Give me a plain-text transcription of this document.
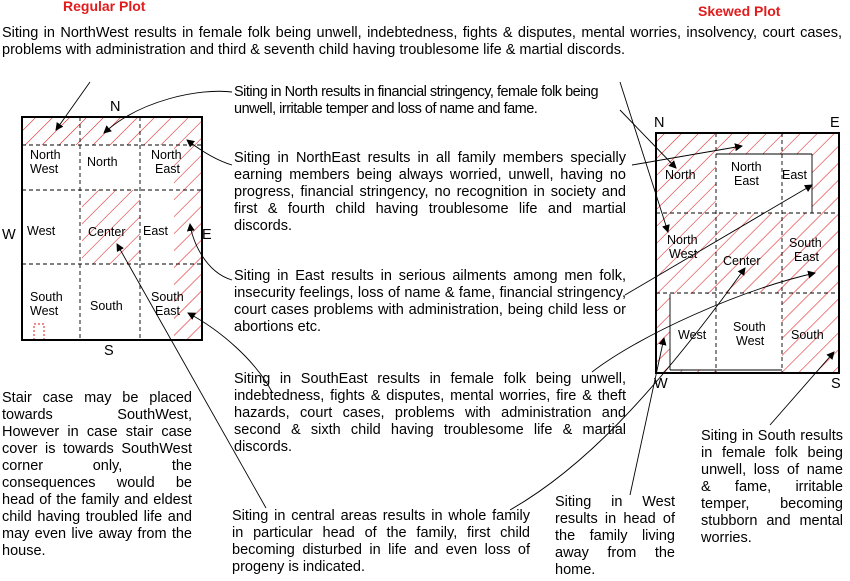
Regular Plot	Skewed Plot
N
S
W	E
North
West North	North
East
West	Center East
South
West	South
South
East
N	E
W	S
North
North
East East
North
West Center
South
East
West
South
West South

Siting in NorthWest results in female folk being unwell, indebtedness, fights & disputes, mental worries, insolvency, court cases, problems with administration and third & seventh child having troublesome life & martial discords.

Siting in North results in financial stringency, female folk being unwell, irritable temper and loss of name and fame.

Siting in NorthEast results in all family members specially earning members being always worried, unwell, having no progress, financial stringency, no recognition in society and first & fourth child having troublesome life and martial discords.

Siting in East results in serious ailments among men folk, insecurity feelings, loss of name & fame, financial stringency, court cases problems with administration, being child less or abortions etc.

Siting in SouthEast results in female folk being unwell, indebtedness, fights & disputes, mental worries, fire & theft hazards, court cases, problems with administration and second & sixth child having troublesome life & martial discords.

Siting in central areas results in whole family in particular head of the family, first child becoming disturbed in life and even loss of progeny is indicated.

Siting in West results in head of the family living away from the home.

Siting in South results in female folk being unwell, loss of name & fame, irritable temper, becoming stubborn and mental worries.

Stair case may be placed towards SouthWest, However in case stair case cover is towards SouthWest corner only, the consequences would be head of the family and eldest child having troubled life and may even live away from the house.
